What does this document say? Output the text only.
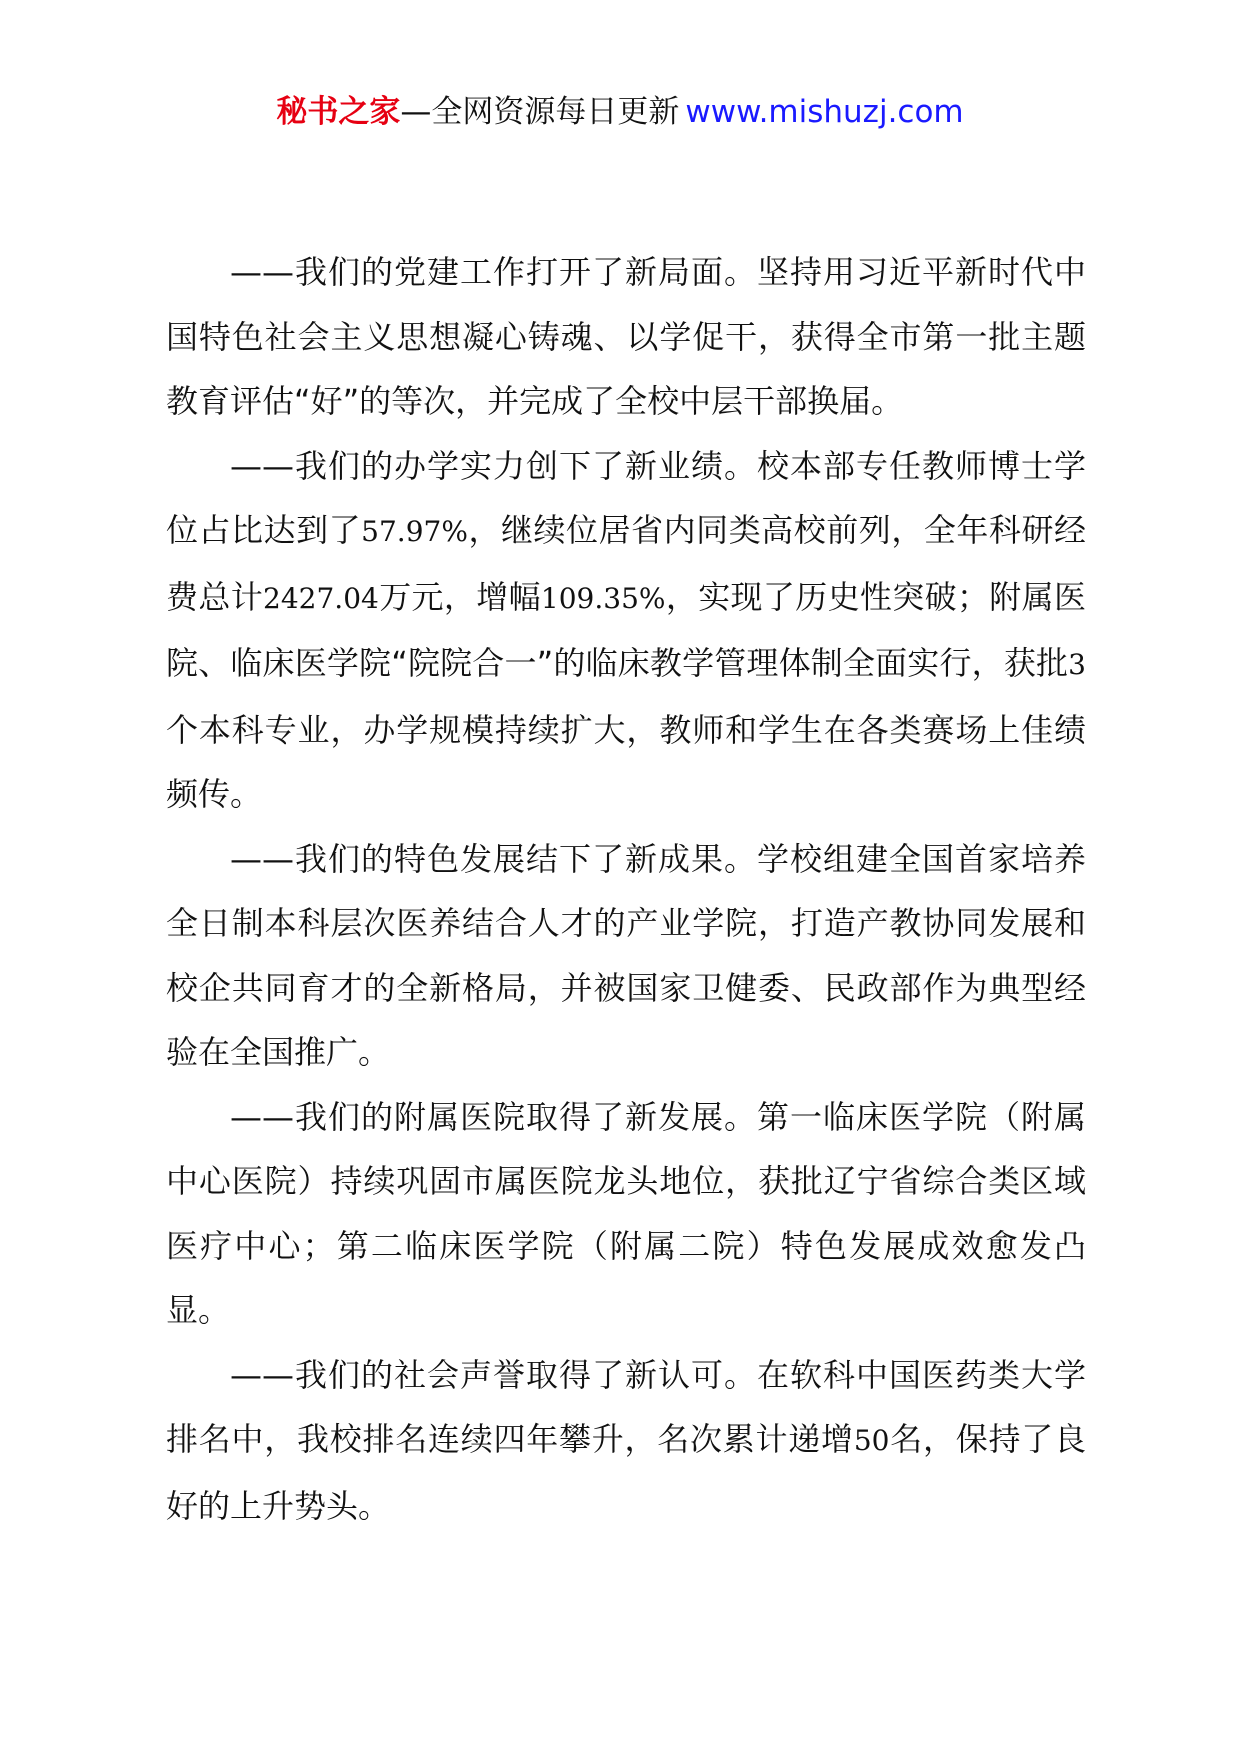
秘书之家—全网资源每日更新 www.mishuzj.com

——我们的党建工作打开了新局面。坚持用习近平新时代中国特色社会主义思想凝心铸魂、以学促干，获得全市第一批主题教育评估“好”的等次，并完成了全校中层干部换届。

——我们的办学实力创下了新业绩。校本部专任教师博士学位占比达到了57.97%，继续位居省内同类高校前列，全年科研经费总计2427.04万元，增幅109.35%，实现了历史性突破；附属医院、临床医学院“院院合一”的临床教学管理体制全面实行，获批3个本科专业，办学规模持续扩大，教师和学生在各类赛场上佳绩频传。

——我们的特色发展结下了新成果。学校组建全国首家培养全日制本科层次医养结合人才的产业学院，打造产教协同发展和校企共同育才的全新格局，并被国家卫健委、民政部作为典型经验在全国推广。

——我们的附属医院取得了新发展。第一临床医学院（附属中心医院）持续巩固市属医院龙头地位，获批辽宁省综合类区域医疗中心；第二临床医学院（附属二院）特色发展成效愈发凸显。

——我们的社会声誉取得了新认可。在软科中国医药类大学排名中，我校排名连续四年攀升，名次累计递增50名，保持了良好的上升势头。
